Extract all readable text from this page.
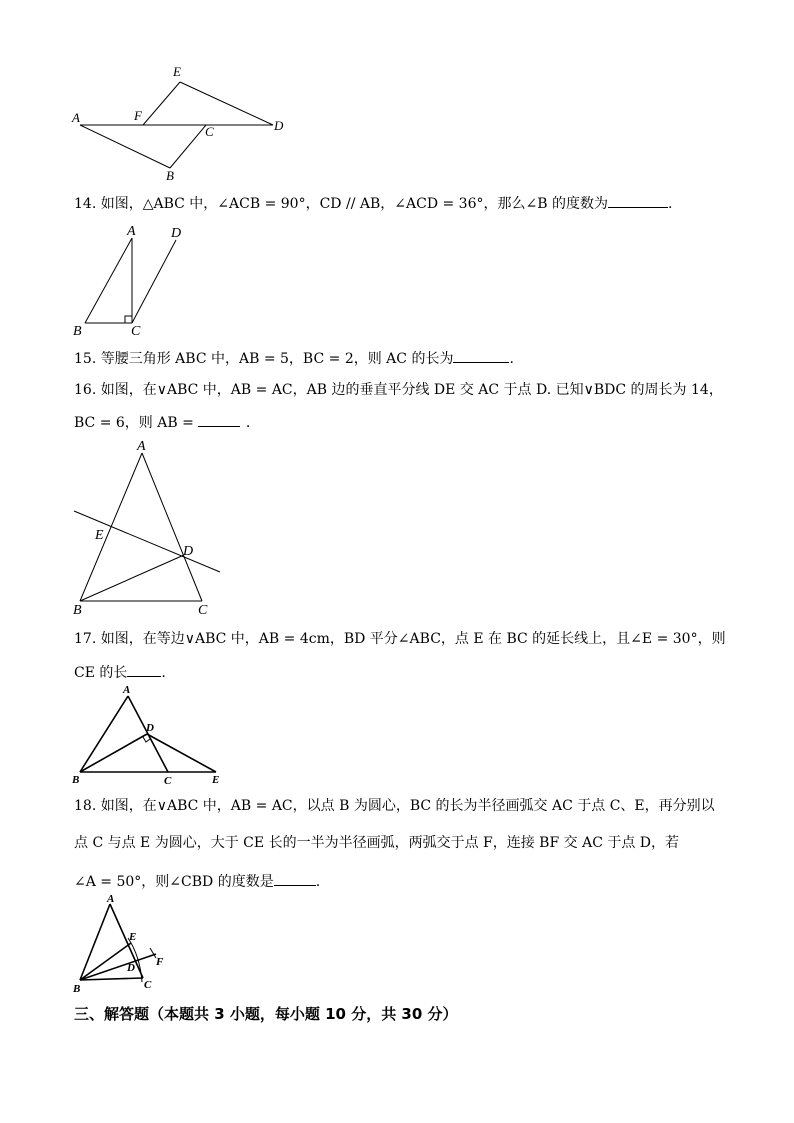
A
E
F
C	D
B
14. 如图，△ABC 中，∠ACB = 90°，CD // AB，∠ACD = 36°，那么∠B 的度数为	.
A	D
B	C
15. 等腰三角形 ABC 中，AB = 5，BC = 2，则 AC 的长为	.
16. 如图，在∨ABC 中，AB = AC，AB 边的垂直平分线 DE 交 AC 于点 D. 已知∨BDC 的周长为 14，
BC = 6，则 AB =	.
A
E
D
B	C
17. 如图，在等边∨ABC 中，AB = 4cm，BD 平分∠ABC，点 E 在 BC 的延长线上，且∠E = 30°，则
CE 的长 .
A
D
B	C	E
18. 如图，在∨ABC 中，AB = AC，以点 B 为圆心，BC 的长为半径画弧交 AC 于点 C、E，再分别以
点 C 与点 E 为圆心，大于 CE 长的一半为半径画弧，两弧交于点 F，连接 BF 交 AC 于点 D，若
∠A = 50°，则∠CBD 的度数是	.
A
E
D F
B	C
三、解答题（本题共 3 小题，每小题 10 分，共 30 分）
